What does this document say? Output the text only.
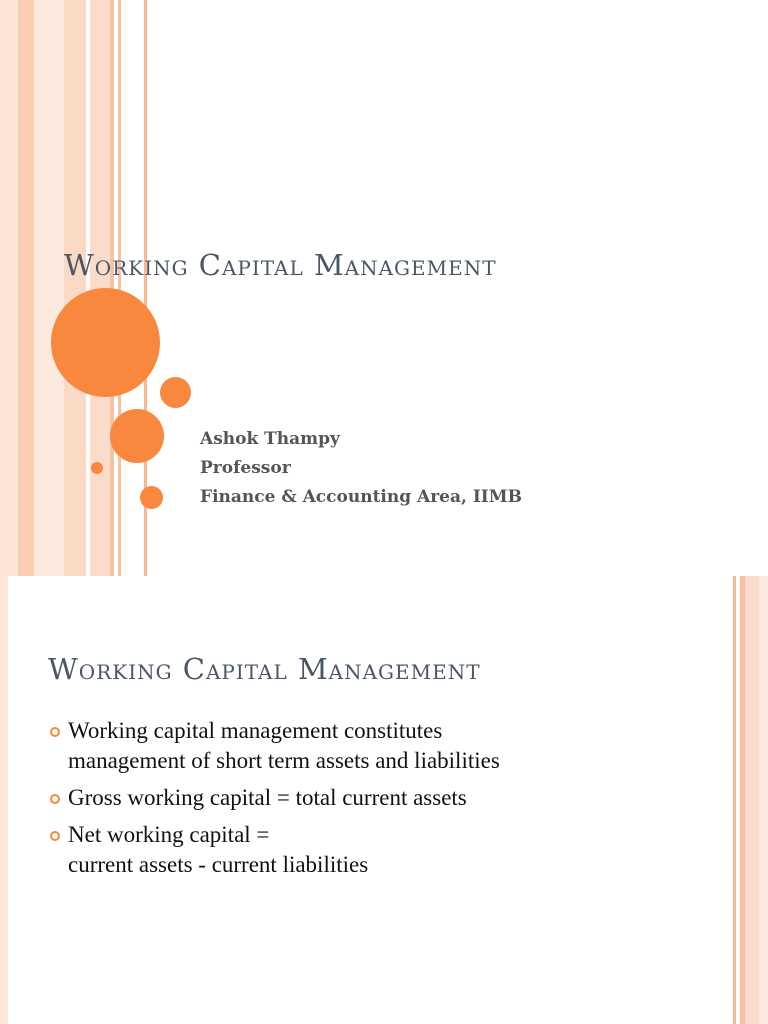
Working Capital Management
Ashok Thampy
Professor
Finance & Accounting Area, IIMB
Working Capital Management
Working capital management constitutes
management of short term assets and liabilities
Gross working capital = total current assets
Net working capital =
current assets - current liabilities
